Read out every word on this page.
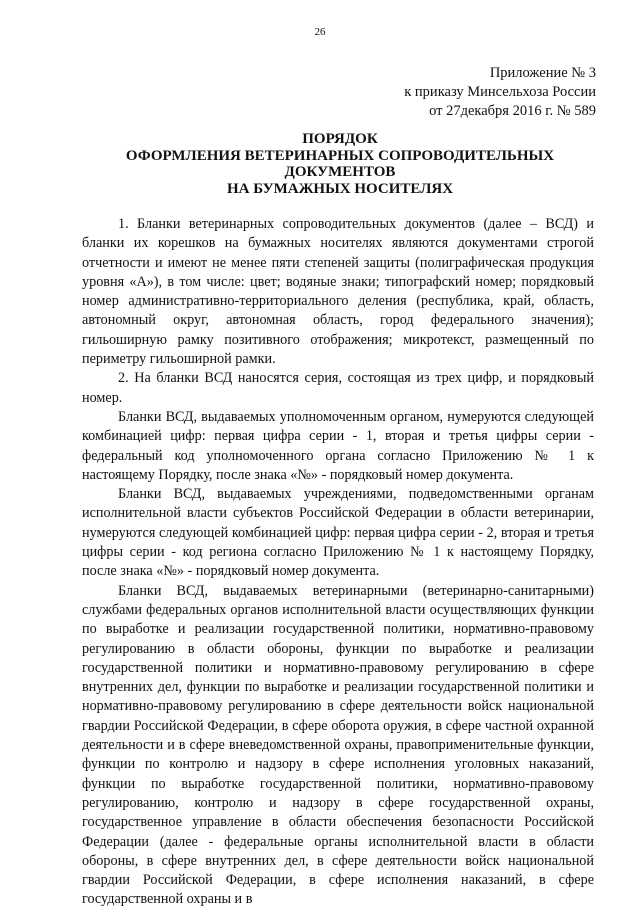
26
Приложение № 3
к приказу Минсельхоза России
от 27декабря 2016 г. № 589
ПОРЯДОК
ОФОРМЛЕНИЯ ВЕТЕРИНАРНЫХ СОПРОВОДИТЕЛЬНЫХ
ДОКУМЕНТОВ
НА БУМАЖНЫХ НОСИТЕЛЯХ

1. Бланки ветеринарных сопроводительных документов (далее – ВСД) и бланки их корешков на бумажных носителях являются документами строгой отчетности и имеют не менее пяти степеней защиты (полиграфическая продукция уровня «А»), в том числе: цвет; водяные знаки; типографский номер; порядковый номер административно-территориального деления (республика, край, область, автономный округ, автономная область, город федерального значения); гильоширную рамку позитивного отображения; микротекст, размещенный по периметру гильоширной рамки.

2. На бланки ВСД наносятся серия, состоящая из трех цифр, и порядковый номер.

Бланки ВСД, выдаваемых уполномоченным органом, нумеруются следующей комбинацией цифр: первая цифра серии - 1, вторая и третья цифры серии - федеральный код уполномоченного органа согласно Приложению № 1 к настоящему Порядку, после знака «№» - порядковый номер документа.

Бланки ВСД, выдаваемых учреждениями, подведомственными органам исполнительной власти субъектов Российской Федерации в области ветеринарии, нумеруются следующей комбинацией цифр: первая цифра серии - 2, вторая и третья цифры серии - код региона согласно Приложению № 1 к настоящему Порядку, после знака «№» - порядковый номер документа.

Бланки ВСД, выдаваемых ветеринарными (ветеринарно-санитарными) службами федеральных органов исполнительной власти осуществляющих функции по выработке и реализации государственной политики, нормативно-правовому регулированию в области обороны, функции по выработке и реализации государственной политики и нормативно-правовому регулированию в сфере внутренних дел, функции по выработке и реализации государственной политики и нормативно-правовому регулированию в сфере деятельности войск национальной гвардии Российской Федерации, в сфере оборота оружия, в сфере частной охранной деятельности и в сфере вневедомственной охраны, правоприменительные функции, функции по контролю и надзору в сфере исполнения уголовных наказаний, функции по выработке государственной политики, нормативно-правовому регулированию, контролю и надзору в сфере государственной охраны, государственное управление в области обеспечения безопасности Российской Федерации (далее - федеральные органы исполнительной власти в области обороны, в сфере внутренних дел, в сфере деятельности войск национальной гвардии Российской Федерации, в сфере исполнения наказаний, в сфере государственной охраны и в
